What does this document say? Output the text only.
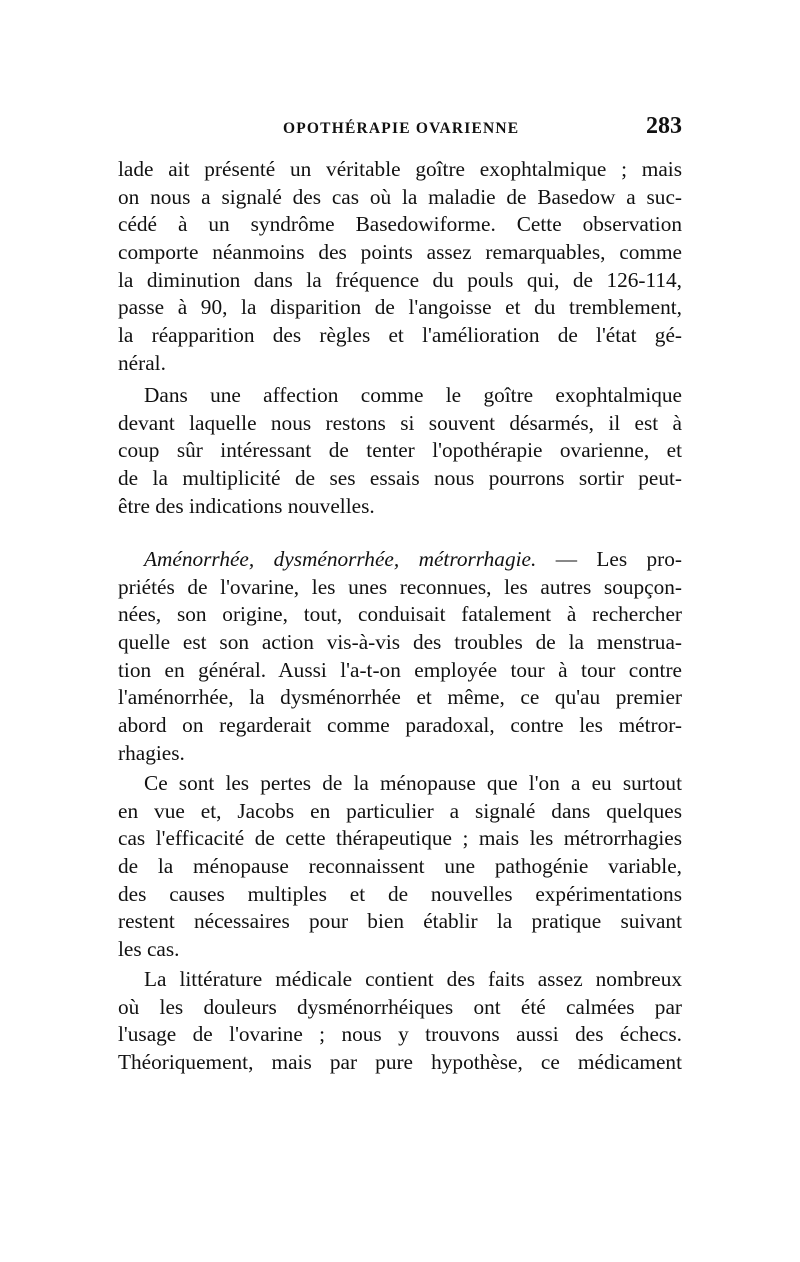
OPOTHÉRAPIE OVARIENNE	283
lade ait présenté un véritable goître exophtalmique ; mais
on nous a signalé des cas où la maladie de Basedow a suc-
cédé à un syndrôme Basedowiforme. Cette observation
comporte néanmoins des points assez remarquables, comme
la diminution dans la fréquence du pouls qui, de 126-114,
passe à 90, la disparition de l'angoisse et du tremblement,
la réapparition des règles et l'amélioration de l'état gé-
néral.
Dans une affection comme le goître exophtalmique
devant laquelle nous restons si souvent désarmés, il est à
coup sûr intéressant de tenter l'opothérapie ovarienne, et
de la multiplicité de ses essais nous pourrons sortir peut-
être des indications nouvelles.
Aménorrhée, dysménorrhée, métrorrhagie. — Les pro-
priétés de l'ovarine, les unes reconnues, les autres soupçon-
nées, son origine, tout, conduisait fatalement à rechercher
quelle est son action vis-à-vis des troubles de la menstrua-
tion en général. Aussi l'a-t-on employée tour à tour contre
l'aménorrhée, la dysménorrhée et même, ce qu'au premier
abord on regarderait comme paradoxal, contre les métror-
rhagies.
Ce sont les pertes de la ménopause que l'on a eu surtout
en vue et, Jacobs en particulier a signalé dans quelques
cas l'efficacité de cette thérapeutique ; mais les métrorrhagies
de la ménopause reconnaissent une pathogénie variable,
des causes multiples et de nouvelles expérimentations
restent nécessaires pour bien établir la pratique suivant
les cas.
La littérature médicale contient des faits assez nombreux
où les douleurs dysménorrhéiques ont été calmées par
l'usage de l'ovarine ; nous y trouvons aussi des échecs.
Théoriquement, mais par pure hypothèse, ce médicament
